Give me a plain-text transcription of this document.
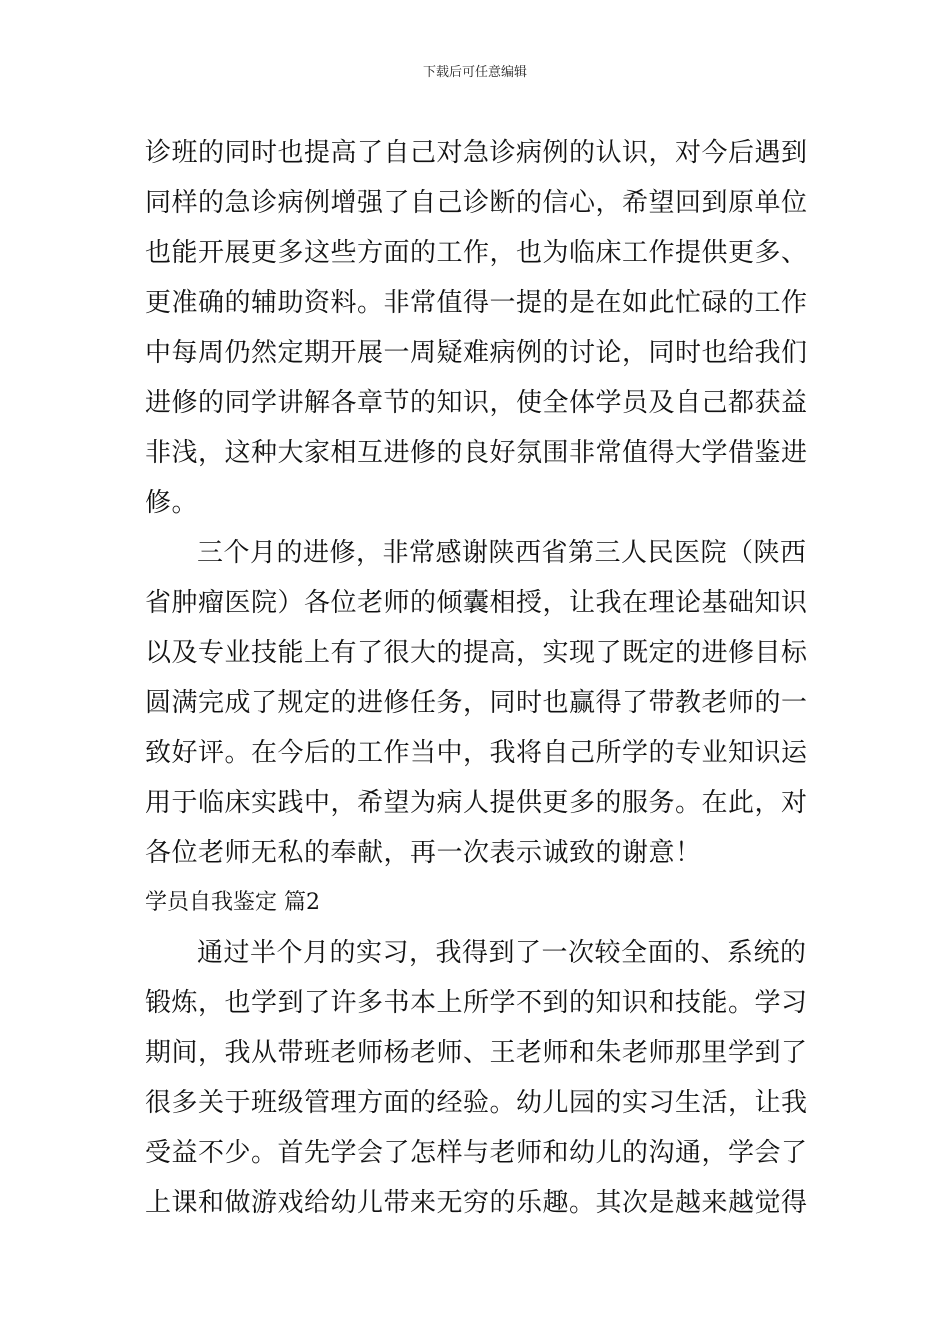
下载后可任意编辑
诊班的同时也提高了自己对急诊病例的认识，对今后遇到
同样的急诊病例增强了自己诊断的信心，希望回到原单位
也能开展更多这些方面的工作，也为临床工作提供更多、
更准确的辅助资料。非常值得一提的是在如此忙碌的工作
中每周仍然定期开展一周疑难病例的讨论，同时也给我们
进修的同学讲解各章节的知识，使全体学员及自己都获益
非浅，这种大家相互进修的良好氛围非常值得大学借鉴进
修。
三个月的进修，非常感谢陕西省第三人民医院（陕西
省肿瘤医院）各位老师的倾囊相授，让我在理论基础知识
以及专业技能上有了很大的提高，实现了既定的进修目标
圆满完成了规定的进修任务，同时也赢得了带教老师的一
致好评。在今后的工作当中，我将自己所学的专业知识运
用于临床实践中，希望为病人提供更多的服务。在此，对
各位老师无私的奉献，再一次表示诚致的谢意！
学员自我鉴定 篇2
通过半个月的实习，我得到了一次较全面的、系统的
锻炼，也学到了许多书本上所学不到的知识和技能。学习
期间，我从带班老师杨老师、王老师和朱老师那里学到了
很多关于班级管理方面的经验。幼儿园的实习生活，让我
受益不少。首先学会了怎样与老师和幼儿的沟通，学会了
上课和做游戏给幼儿带来无穷的乐趣。其次是越来越觉得
